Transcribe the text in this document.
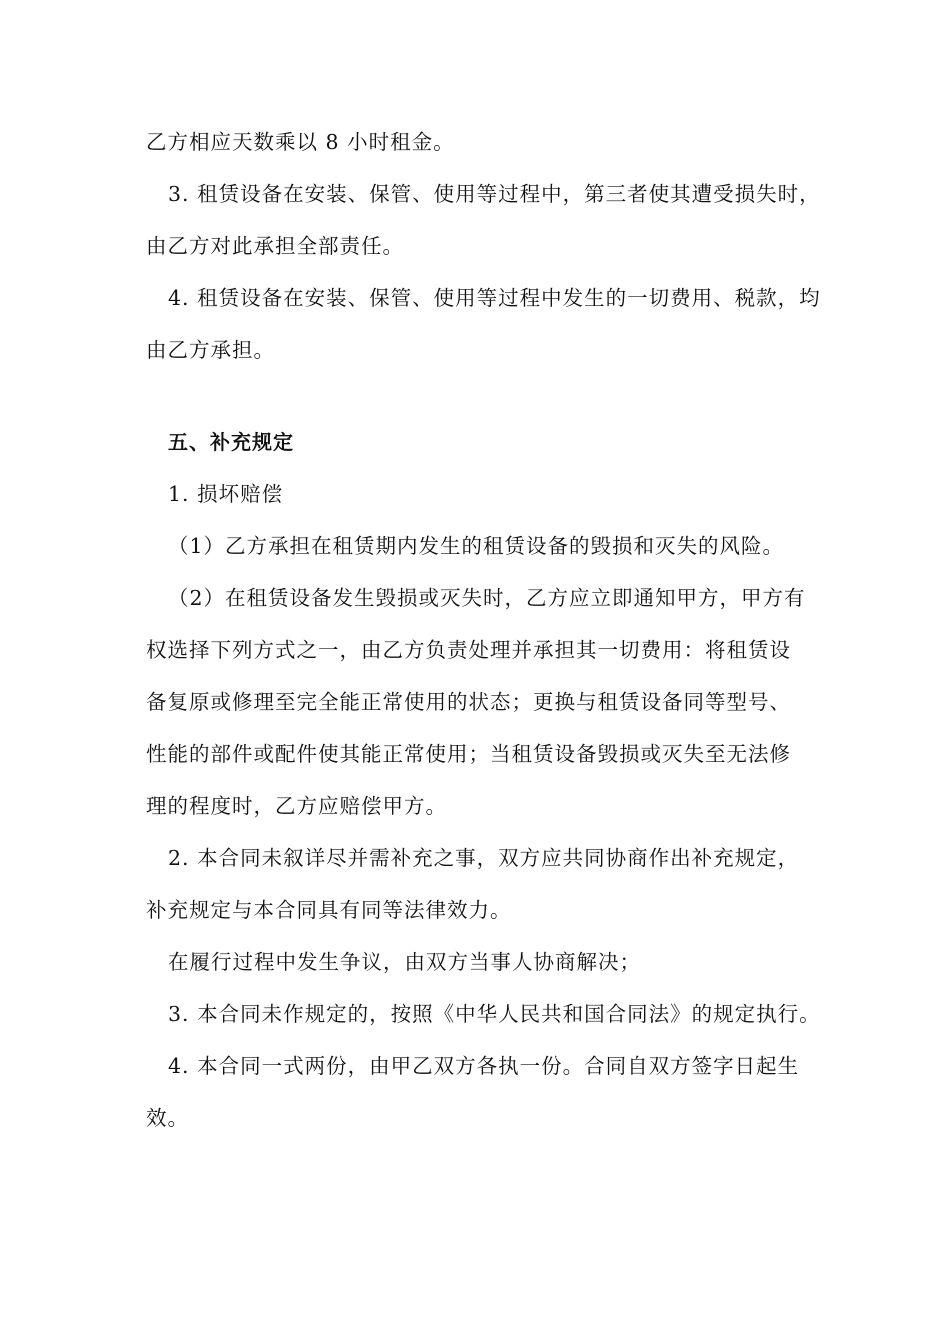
乙方相应天数乘以 8 小时租金。
3. 租赁设备在安装、保管、使用等过程中，第三者使其遭受损失时，
由乙方对此承担全部责任。
4. 租赁设备在安装、保管、使用等过程中发生的一切费用、税款，均
由乙方承担。
五、补充规定
1. 损坏赔偿
（1）乙方承担在租赁期内发生的租赁设备的毁损和灭失的风险。
（2）在租赁设备发生毁损或灭失时，乙方应立即通知甲方，甲方有
权选择下列方式之一，由乙方负责处理并承担其一切费用：将租赁设
备复原或修理至完全能正常使用的状态；更换与租赁设备同等型号、
性能的部件或配件使其能正常使用；当租赁设备毁损或灭失至无法修
理的程度时，乙方应赔偿甲方。
2. 本合同未叙详尽并需补充之事，双方应共同协商作出补充规定，
补充规定与本合同具有同等法律效力。
在履行过程中发生争议，由双方当事人协商解决；
3. 本合同未作规定的，按照《中华人民共和国合同法》的规定执行。
4. 本合同一式两份，由甲乙双方各执一份。合同自双方签字日起生
效。
